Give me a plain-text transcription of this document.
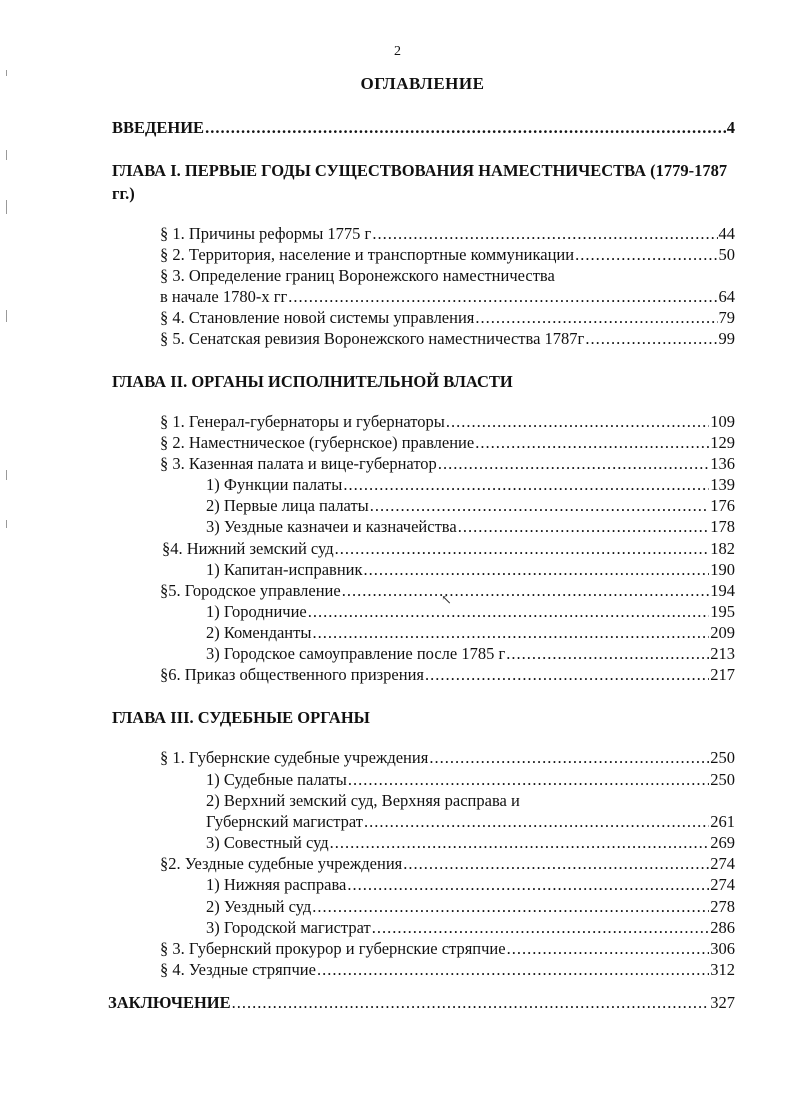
2
ОГЛАВЛЕНИЕ
ВВЕДЕНИЕ .....	4
ГЛАВА I. ПЕРВЫЕ ГОДЫ СУЩЕСТВОВАНИЯ НАМЕСТНИЧЕСТВА (1779-1787 гг.)
§ 1. Причины реформы 1775 г .....	44
§ 2. Территория, население и транспортные коммуникации .....	50
§ 3. Определение границ Воронежского наместничества
в начале 1780-х гг .....	64
§ 4. Становление новой системы управления .....	79
§ 5. Сенатская ревизия Воронежского наместничества 1787г .....	99
ГЛАВА II. ОРГАНЫ ИСПОЛНИТЕЛЬНОЙ ВЛАСТИ
§ 1. Генерал-губернаторы и губернаторы .....	109
§ 2. Наместническое (губернское) правление .....	129
§ 3. Казенная палата и вице-губернатор .....	136
1) Функции палаты .....	139
2) Первые лица палаты .....	176
3) Уездные казначеи и казначейства .....	178
§4. Нижний земский суд .....	182
1) Капитан-исправник .....	190
§5. Городское управление .....	194
1) Городничие .....	195
2) Коменданты .....	209
3) Городское самоуправление после 1785 г .....	213
§6. Приказ общественного призрения .....	217
ГЛАВА III. СУДЕБНЫЕ ОРГАНЫ
§ 1. Губернские судебные учреждения .....	250
1) Судебные палаты .....	250
2) Верхний земский суд, Верхняя расправа и
Губернский магистрат .....	261
3) Совестный суд .....	269
§2. Уездные судебные учреждения .....	274
1) Нижняя расправа .....	274
2) Уездный суд .....	278
3) Городской магистрат .....	286
§ 3. Губернский прокурор и губернские стряпчие .....	306
§ 4. Уездные стряпчие .....	312
ЗАКЛЮЧЕНИЕ .....	327
↖
